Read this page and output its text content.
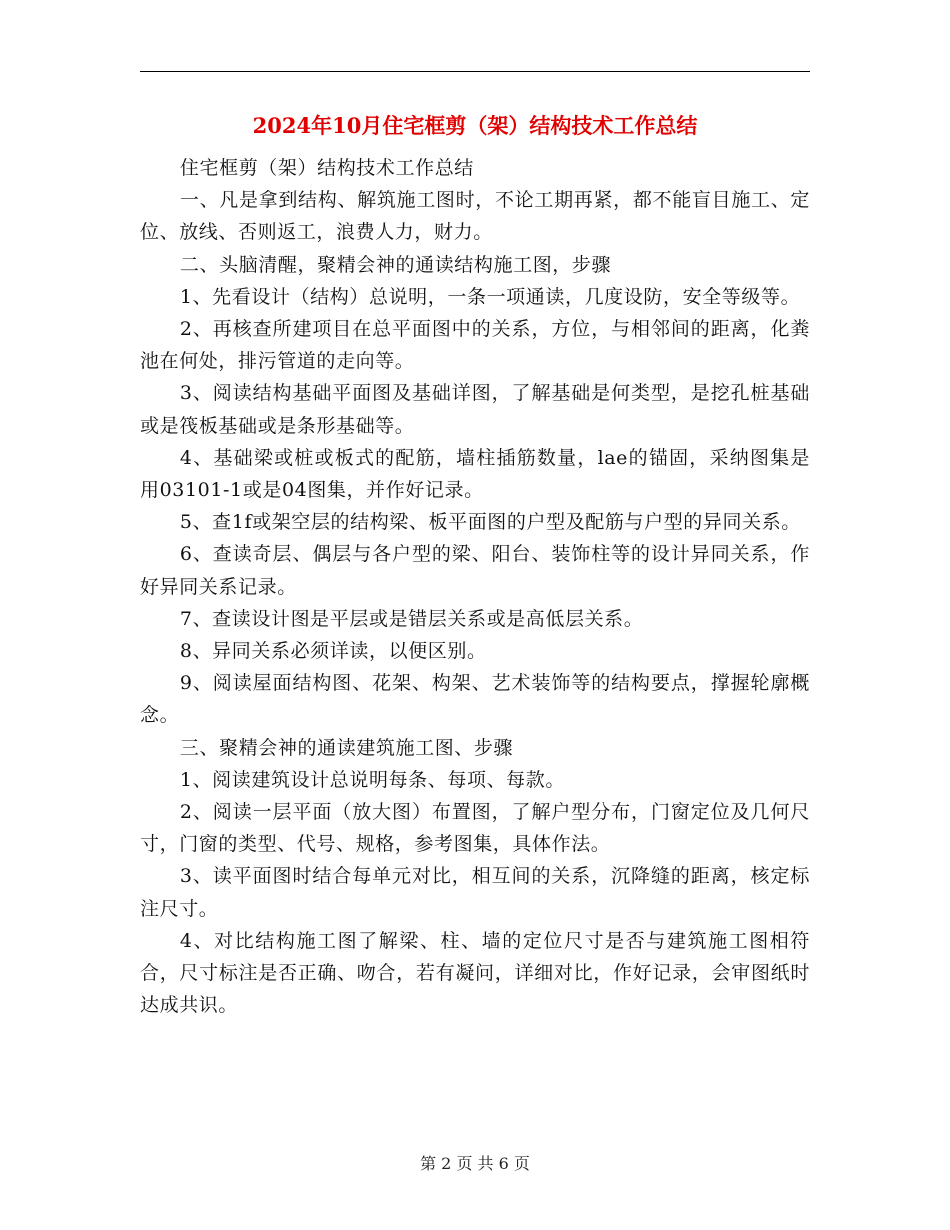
2024年10月住宅框剪（架）结构技术工作总结

住宅框剪（架）结构技术工作总结

一、凡是拿到结构、解筑施工图时，不论工期再紧，都不能盲目施工、定位、放线、否则返工，浪费人力，财力。

二、头脑清醒，聚精会神的通读结构施工图，步骤

1、先看设计（结构）总说明，一条一项通读，几度设防，安全等级等。

2、再核查所建项目在总平面图中的关系，方位，与相邻间的距离，化粪池在何处，排污管道的走向等。

3、阅读结构基础平面图及基础详图，了解基础是何类型，是挖孔桩基础或是筏板基础或是条形基础等。

4、基础梁或桩或板式的配筋，墙柱插筋数量，lae的锚固，采纳图集是用03101-1或是04图集，并作好记录。

5、查1f或架空层的结构梁、板平面图的户型及配筋与户型的异同关系。

6、查读奇层、偶层与各户型的梁、阳台、装饰柱等的设计异同关系，作好异同关系记录。

7、查读设计图是平层或是错层关系或是高低层关系。

8、异同关系必须详读，以便区别。

9、阅读屋面结构图、花架、构架、艺术装饰等的结构要点，撑握轮廓概念。

三、聚精会神的通读建筑施工图、步骤

1、阅读建筑设计总说明每条、每项、每款。

2、阅读一层平面（放大图）布置图，了解户型分布，门窗定位及几何尺寸，门窗的类型、代号、规格，参考图集，具体作法。

3、读平面图时结合每单元对比，相互间的关系，沉降缝的距离，核定标注尺寸。

4、对比结构施工图了解梁、柱、墙的定位尺寸是否与建筑施工图相符合，尺寸标注是否正确、吻合，若有凝问，详细对比，作好记录，会审图纸时达成共识。

第 2 页 共 6 页
